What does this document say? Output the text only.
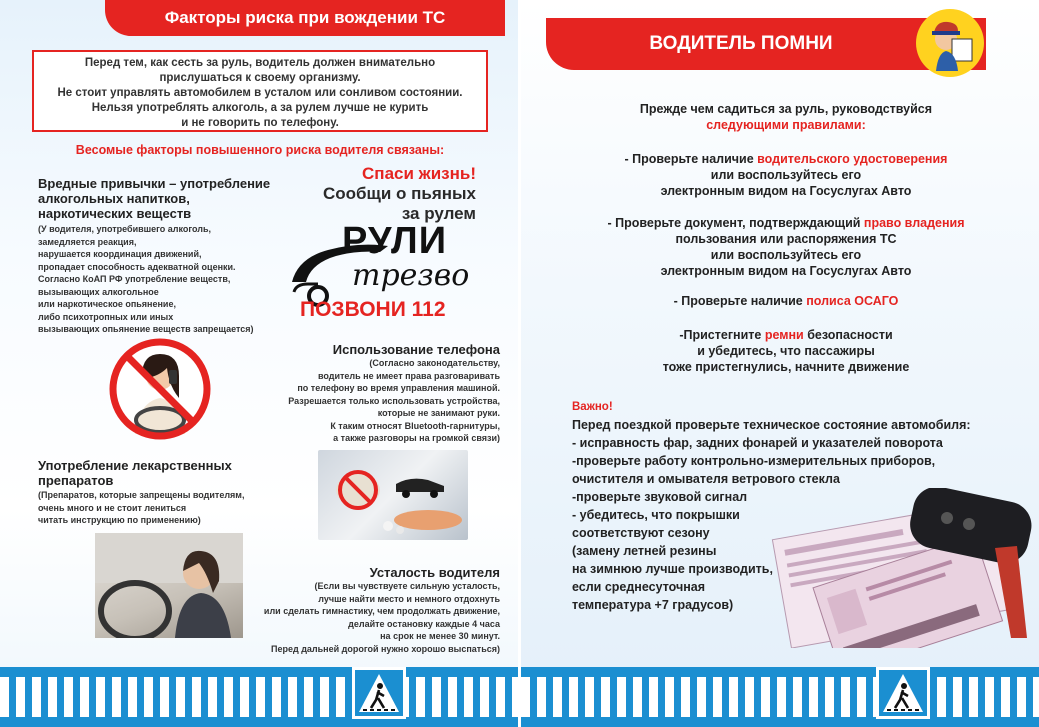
Факторы риска при вождении ТС
Перед тем, как сесть за руль, водитель должен внимательно
прислушаться к своему организму.
Не стоит управлять автомобилем в усталом или сонливом состоянии.
Нельзя употреблять алкоголь, а за рулем лучше не курить
и не говорить по телефону.
Весомые факторы повышенного риска водителя связаны:
Вредные привычки – употребление
алкогольных напитков,
наркотических веществ
(У водителя, употребившего алкоголь,
замедляется реакция,
нарушается координация движений,
пропадает способность адекватной оценки.
Согласно КоАП РФ употребление веществ,
вызывающих алкогольное
или наркотическое опьянение,
либо психотропных или иных
вызывающих опьянение веществ запрещается)
Спаси жизнь!
Сообщи о пьяных
за рулем
РУЛИ
трезво
ПОЗВОНИ 112
Использование телефона
(Согласно законодательству,
водитель не имеет права разговаривать
по телефону во время управления машиной.
Разрешается только использовать устройства,
которые не занимают руки.
К таким относят Bluetooth-гарнитуры,
а также разговоры на громкой связи)
Употребление лекарственных
препаратов
(Препаратов, которые запрещены водителям,
очень много и не стоит лениться
читать инструкцию по применению)
Усталость водителя
(Если вы чувствуете сильную усталость,
лучше найти место и немного отдохнуть
или сделать гимнастику, чем продолжать движение,
делайте остановку каждые 4 часа
на срок не менее 30 минут.
Перед дальней дорогой нужно хорошо выспаться)
ВОДИТЕЛЬ ПОМНИ
Прежде чем садиться за руль, руководствуйся
следующими правилами:
- Проверьте наличие водительского удостоверения
или воспользуйтесь его
электронным видом на Госуслугах Авто
- Проверьте документ, подтверждающий право владения
пользования или распоряжения ТС
или воспользуйтесь его
электронным видом на Госуслугах Авто
- Проверьте наличие полиса ОСАГО
-Пристегните ремни безопасности
и убедитесь, что пассажиры
тоже пристегнулись, начните движение
Важно!
Перед поездкой проверьте техническое состояние автомобиля:
- исправность фар, задних фонарей и указателей поворота
-проверьте работу контрольно-измерительных приборов,
очистителя и омывателя ветрового стекла
-проверьте звуковой сигнал
- убедитесь, что покрышки
соответствуют сезону
(замену летней резины
на зимнюю лучше производить,
если среднесуточная
температура +7 градусов)
